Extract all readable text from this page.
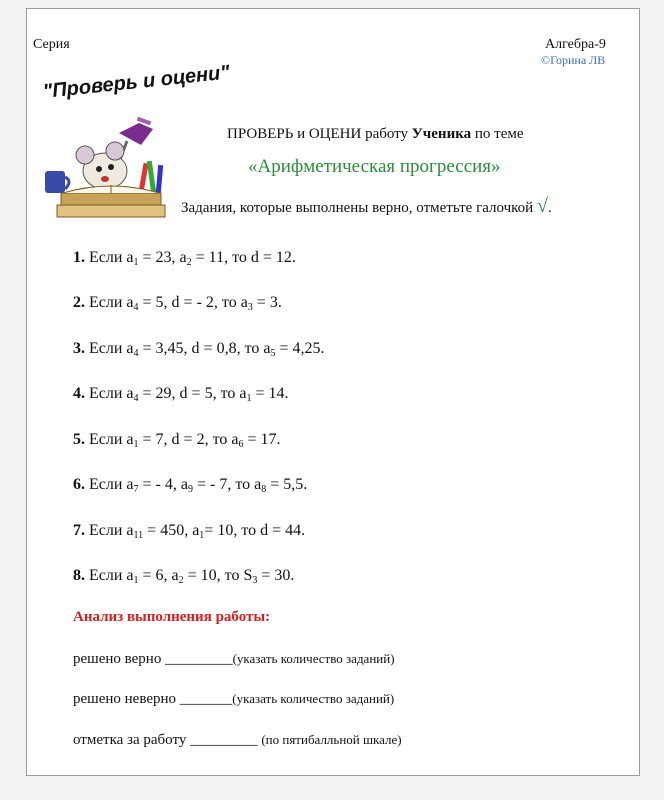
Серия	Алгебра-9
©Горина ЛВ
"Проверь и оцени"
ПРОВЕРЬ и ОЦЕНИ работу Ученика по теме
«Арифметическая прогрессия»
Задания, которые выполнены верно, отметьте галочкой √.
1. Если $a_1 = 23$, $a_2 = 11$, то d = 12.
2. Если $a_4 = 5$, d = - 2, то $a_3 = 3$.
3. Если $a_4 = 3,45$, d = 0,8, то $a_5 = 4,25$.
4. Если $a_4 = 29$, d = 5, то $a_1 = 14$.
5. Если $a_1 = 7$, d = 2, то $a_6 = 17$.
6. Если $a_7$ = - 4, $a_9$ = - 7, то $a_8 = 5,5$.
7. Если $a_{11} = 450$, $a_1= 10$, то d = 44.
8. Если $a_1 = 6$, $a_2 = 10$, то $S_3 = 30$.
Анализ выполнения работы:
решено верно _________(указать количество заданий)
решено неверно _______(указать количество заданий)
отметка за работу _________ (по пятибалльной шкале)
